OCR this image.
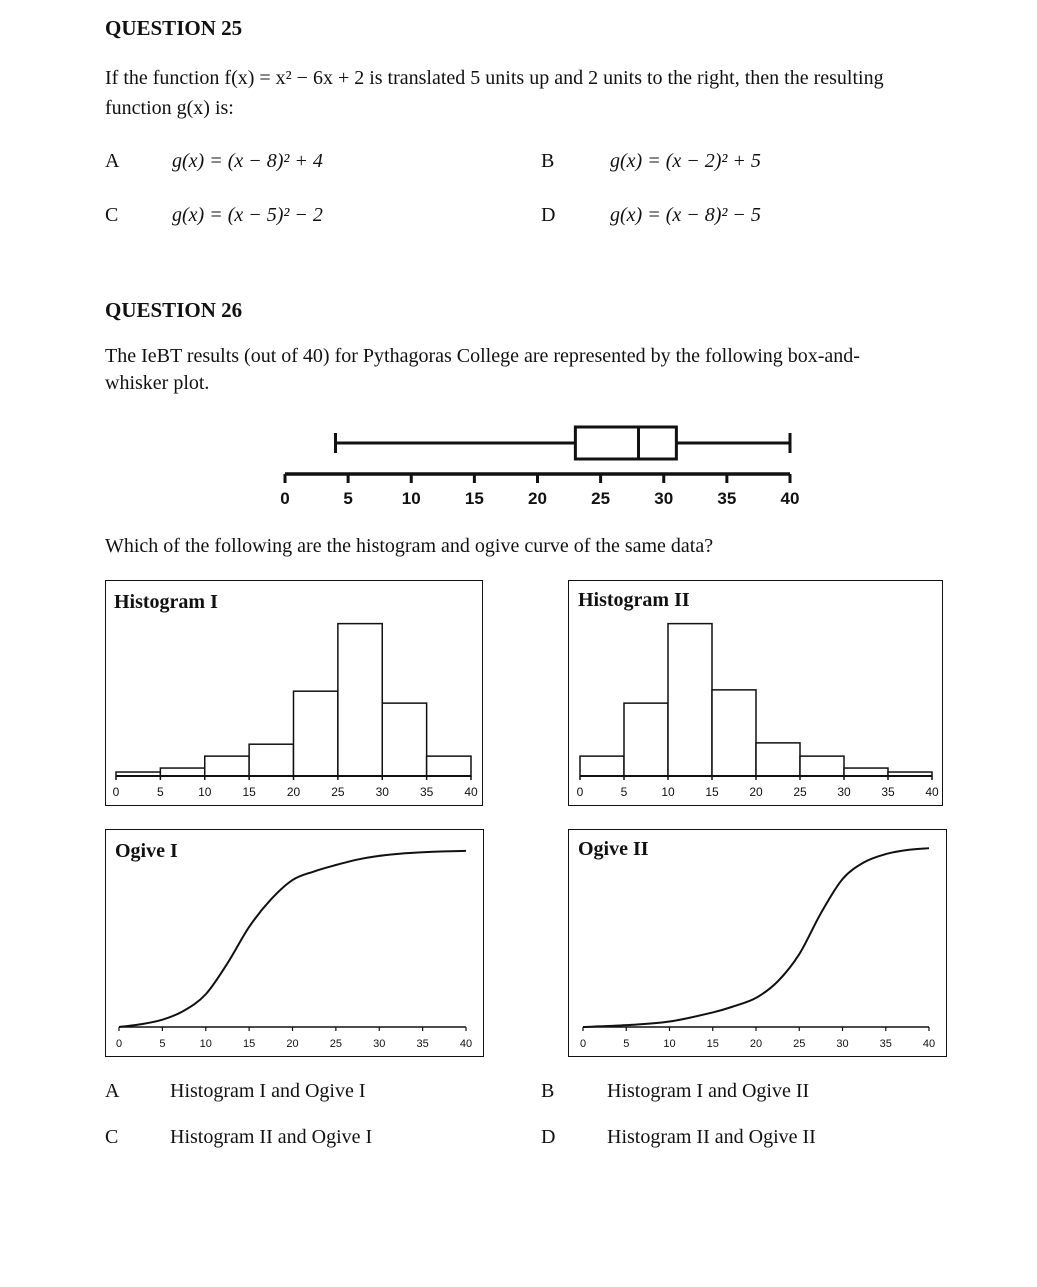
QUESTION 25
If the function f(x) = x² − 6x + 2 is translated 5 units up and 2 units to the right, then the resulting
function g(x) is:
A	g(x) = (x − 8)² + 4	B	g(x) = (x − 2)² + 5
C	g(x) = (x − 5)² − 2	D	g(x) = (x − 8)² − 5
QUESTION 26
The IeBT results (out of 40) for Pythagoras College are represented by the following box-and-
whisker plot.
0	5	10	15	20	25	30	35	40
Which of the following are the histogram and ogive curve of the same data?
Histogram I	Histogram II
Ogive I	Ogive II
0	5	10	15	20	25	30	35	40	0	5	10	15	20	25	30	35	40
0	5	10	15	20	25	30	35	40	0	5	10	15	20	25	30	35	40
A	Histogram I and Ogive I	B	Histogram I and Ogive II
C	Histogram II and Ogive I	D	Histogram II and Ogive II
